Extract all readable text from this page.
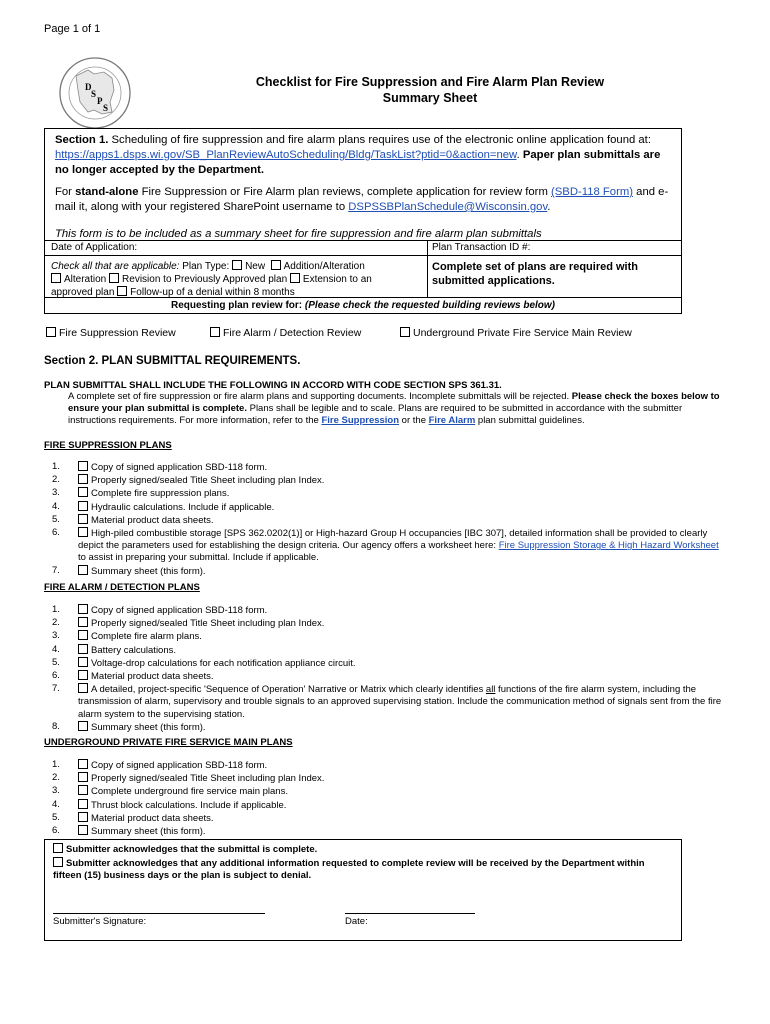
Page 1 of 1
D
S
P
S
Checklist for Fire Suppression and Fire Alarm Plan Review
Summary Sheet
Section 1. Scheduling of fire suppression and fire alarm plans requires use of the electronic online application found at: https://apps1.dsps.wi.gov/SB_PlanReviewAutoScheduling/Bldg/TaskList?ptid=0&action=new. Paper plan submittals are no longer accepted by the Department.
For stand-alone Fire Suppression or Fire Alarm plan reviews, complete application for review form (SBD-118 Form) and e-mail it, along with your registered SharePoint username to DSPSSBPlanSchedule@Wisconsin.gov.
This form is to be included as a summary sheet for fire suppression and fire alarm plan submittals
Date of Application:	Plan Transaction ID #:
Check all that are applicable: Plan Type: New Addition/Alteration
Alteration Revision to Previously Approved plan Extension to an
approved plan Follow-up of a denial within 8 months
Complete set of plans are required with submitted applications.
Requesting plan review for: (Please check the requested building reviews below)
Fire Suppression Review	Fire Alarm / Detection Review	Underground Private Fire Service Main Review
Section 2. PLAN SUBMITTAL REQUIREMENTS.
PLAN SUBMITTAL SHALL INCLUDE THE FOLLOWING IN ACCORD WITH CODE SECTION SPS 361.31.
A complete set of fire suppression or fire alarm plans and supporting documents. Incomplete submittals will be rejected. Please check the boxes below to ensure your plan submittal is complete. Plans shall be legible and to scale. Plans are required to be submitted in accordance with the submitter instructions requirements. For more information, refer to the Fire Suppression or the Fire Alarm plan submittal guidelines.
FIRE SUPPRESSION PLANS
1.	Copy of signed application SBD-118 form.
2.	Properly signed/sealed Title Sheet including plan Index.
3.	Complete fire suppression plans.
4.	Hydraulic calculations. Include if applicable.
5.	Material product data sheets.
6.	High-piled combustible storage [SPS 362.0202(1)] or High-hazard Group H occupancies [IBC 307], detailed information shall be provided to clearly depict the parameters used for establishing the design criteria. Our agency offers a worksheet here: Fire Suppression Storage & High Hazard Worksheet to assist in preparing your submittal. Include if applicable.
7.	Summary sheet (this form).
FIRE ALARM / DETECTION PLANS
1.	Copy of signed application SBD-118 form.
2.	Properly signed/sealed Title Sheet including plan Index.
3.	Complete fire alarm plans.
4.	Battery calculations.
5.	Voltage-drop calculations for each notification appliance circuit.
6.	Material product data sheets.
7.	A detailed, project-specific 'Sequence of Operation' Narrative or Matrix which clearly identifies all functions of the fire alarm system, including the transmission of alarm, supervisory and trouble signals to an approved supervising station. Include the communication method of signals sent from the fire alarm system to the supervising station.
8.	Summary sheet (this form).
UNDERGROUND PRIVATE FIRE SERVICE MAIN PLANS
1.	Copy of signed application SBD-118 form.
2.	Properly signed/sealed Title Sheet including plan Index.
3.	Complete underground fire service main plans.
4.	Thrust block calculations. Include if applicable.
5.	Material product data sheets.
6.	Summary sheet (this form).
Submitter acknowledges that the submittal is complete.
Submitter acknowledges that any additional information requested to complete review will be received by the Department within fifteen (15) business days or the plan is subject to denial.
Submitter's Signature:	Date:
